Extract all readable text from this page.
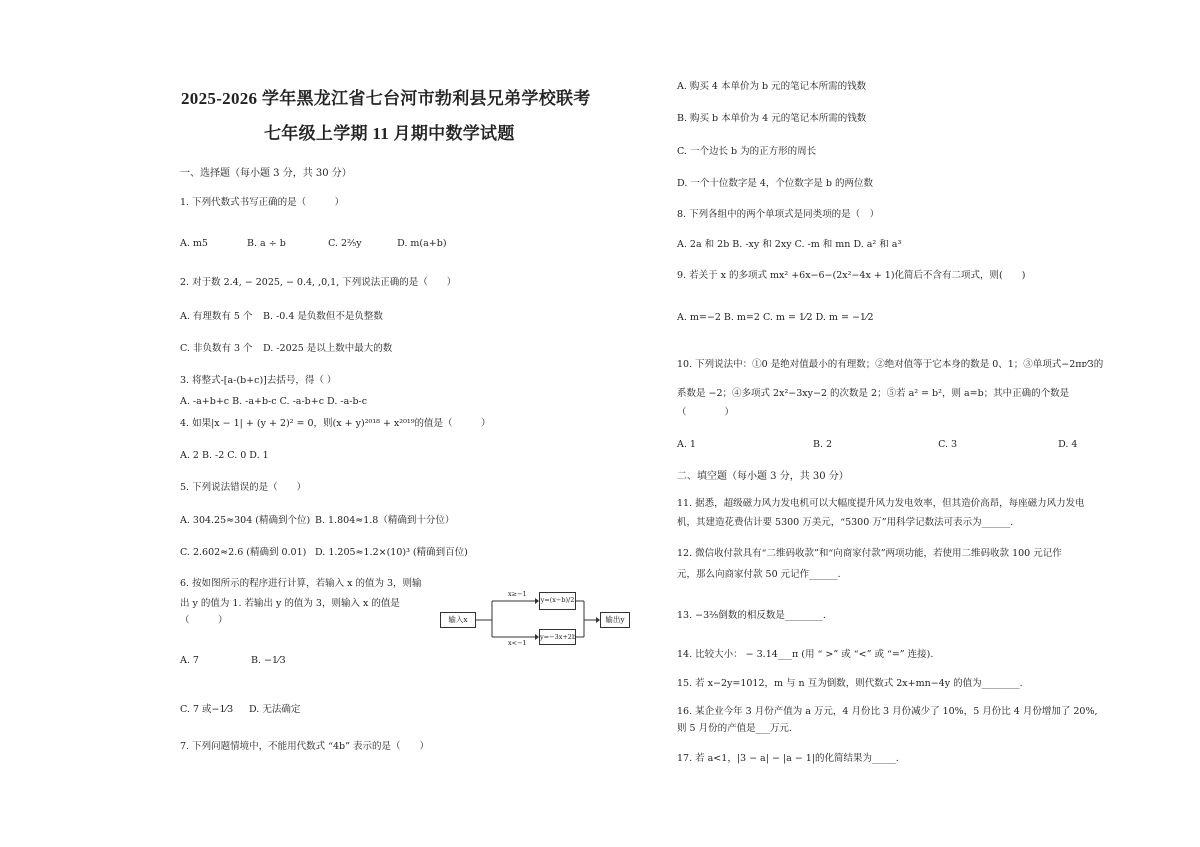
2025-2026 学年黑龙江省七台河市勃利县兄弟学校联考
七年级上学期 11 月期中数学试题
一、选择题（每小题 3 分，共 30 分）
1. 下列代数式书写正确的是（　　　）
A. m5	B. a ÷ b	C. 2²⁄₅y	D. m(a+b)
2. 对于数 2.4, − 2025, − 0.4, ,0,1, 下列说法正确的是（　　）
A. 有理数有 5 个 B. -0.4 是负数但不是负整数
C. 非负数有 3 个 D. -2025 是以上数中最大的数
3. 将整式-[a-(b+c)]去括号，得（ ）
A. -a+b+c B. -a+b-c C. -a-b+c D. -a-b-c
4. 如果|x − 1| + (y + 2)² = 0，则(x + y)²⁰¹⁸ + x²⁰¹⁹的值是（　　　）
A. 2 B. -2 C. 0 D. 1
5. 下列说法错误的是（　　）
A. 304.25≈304 (精确到个位) B. 1.804≈1.8（精确到十分位）
C. 2.602≈2.6 (精确到 0.01) D. 1.205≈1.2×(10)³ (精确到百位)
6. 按如图所示的程序进行计算，若输入 x 的值为 3，则输
出 y 的值为 1. 若输出 y 的值为 3，则输入 x 的值是
（　　　）	输入x
y=(x−b)/2
y=−3x+2b
输出y
x≥−1
x<−1
A. 7	B. −1⁄3
C. 7 或−1⁄3 D. 无法确定
7. 下列问题情境中，不能用代数式 “4b” 表示的是（　　）
A. 购买 4 本单价为 b 元的笔记本所需的钱数
B. 购买 b 本单价为 4 元的笔记本所需的钱数
C. 一个边长 b 为的正方形的周长
D. 一个十位数字是 4，个位数字是 b 的两位数
8. 下列各组中的两个单项式是同类项的是（　）
A. 2a 和 2b B. -xy 和 2xy C. -m 和 mn D. a² 和 a³
9. 若关于 x 的多项式 mx² +6x−6−(2x²−4x + 1)化简后不含有二项式，则(　　)
A. m=−2 B. m=2 C. m = 1⁄2 D. m = −1⁄2
10. 下列说法中：①0 是绝对值最小的有理数；②绝对值等于它本身的数是 0、1；③单项式−2πr⁄3的
系数是 −2；④多项式 2x²−3xy−2 的次数是 2；⑤若 a² = b²，则 a=b；其中正确的个数是
（　　　　）
A. 1	B. 2	C. 3	D. 4
二、填空题（每小题 3 分，共 30 分）
11. 据悉，超级磁力风力发电机可以大幅度提升风力发电效率，但其造价高昂，每座磁力风力发电
机，其建造花费估计要 5300 万美元，“5300 万”用科学记数法可表示为______.
12. 微信收付款具有“二维码收款”和“向商家付款”两项功能，若使用二维码收款 100 元记作
元，那么向商家付款 50 元记作______.
13. −3²⁄₅倒数的相反数是________.
14. 比较大小： − 3.14___π (用 “ >” 或 “<” 或 “=” 连接).
15. 若 x−2y=1012，m 与 n 互为倒数，则代数式 2x+mn−4y 的值为________.
16. 某企业今年 3 月份产值为 a 万元，4 月份比 3 月份减少了 10%，5 月份比 4 月份增加了 20%,
则 5 月份的产值是___万元.
17. 若 a<1，|3 − a| − |a − 1|的化简结果为_____.
